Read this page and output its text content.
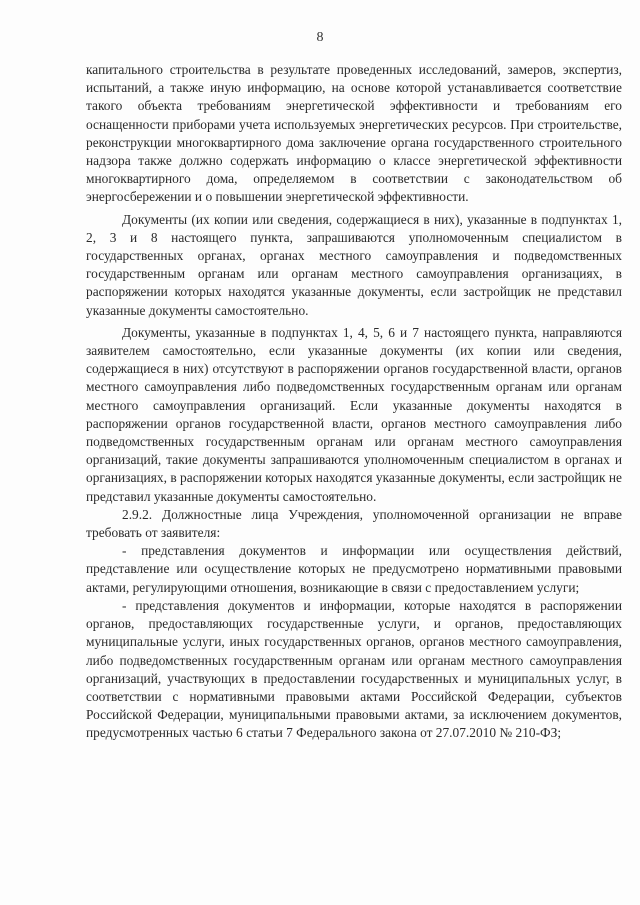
8

капитального строительства в результате проведенных исследований, замеров, экспертиз, испытаний, а также иную информацию, на основе которой устанавливается соответствие такого объекта требованиям энергетической эффективности и требованиям его оснащенности приборами учета используемых энергетических ресурсов. При строительстве, реконструкции многоквартирного дома заключение органа государственного строительного надзора также должно содержать информацию о классе энергетической эффективности многоквартирного дома, определяемом в соответствии с законодательством об энергосбережении и о повышении энергетической эффективности.

Документы (их копии или сведения, содержащиеся в них), указанные в подпунктах 1, 2, 3 и 8 настоящего пункта, запрашиваются уполномоченным специалистом в государственных органах, органах местного самоуправления и подведомственных государственным органам или органам местного самоуправления организациях, в распоряжении которых находятся указанные документы, если застройщик не представил указанные документы самостоятельно.

Документы, указанные в подпунктах 1, 4, 5, 6 и 7 настоящего пункта, направляются заявителем самостоятельно, если указанные документы (их копии или сведения, содержащиеся в них) отсутствуют в распоряжении органов государственной власти, органов местного самоуправления либо подведомственных государственным органам или органам местного самоуправления организаций. Если указанные документы находятся в распоряжении органов государственной власти, органов местного самоуправления либо подведомственных государственным органам или органам местного самоуправления организаций, такие документы запрашиваются уполномоченным специалистом в органах и организациях, в распоряжении которых находятся указанные документы, если застройщик не представил указанные документы самостоятельно.

2.9.2. Должностные лица Учреждения, уполномоченной организации не вправе требовать от заявителя:

- представления документов и информации или осуществления действий, представление или осуществление которых не предусмотрено нормативными правовыми актами, регулирующими отношения, возникающие в связи с предоставлением услуги;

- представления документов и информации, которые находятся в распоряжении органов, предоставляющих государственные услуги, и органов, предоставляющих муниципальные услуги, иных государственных органов, органов местного самоуправления, либо подведомственных государственным органам или органам местного самоуправления организаций, участвующих в предоставлении государственных и муниципальных услуг, в соответствии с нормативными правовыми актами Российской Федерации, субъектов Российской Федерации, муниципальными правовыми актами, за исключением документов, предусмотренных частью 6 статьи 7 Федерального закона от 27.07.2010 № 210-ФЗ;
